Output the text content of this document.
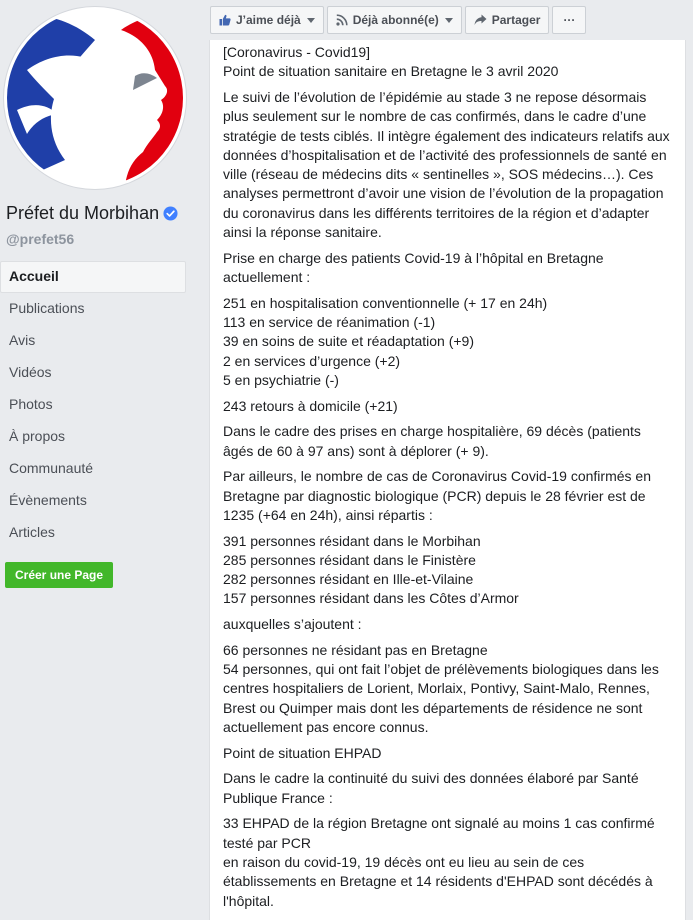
Préfet du Morbihan
@prefet56
Accueil
Publications
Avis
Vidéos
Photos
À propos
Communauté
Évènements
Articles
Créer une Page
J’aime déjà	Déjà abonné(e)	Partager	···

[Coronavirus - Covid19]
Point de situation sanitaire en Bretagne le 3 avril 2020

Le suivi de l’évolution de l’épidémie au stade 3 ne repose désormais plus seulement sur le nombre de cas confirmés, dans le cadre d’une stratégie de tests ciblés. Il intègre également des indicateurs relatifs aux données d’hospitalisation et de l’activité des professionnels de santé en ville (réseau de médecins dits « sentinelles », SOS médecins…). Ces analyses permettront d’avoir une vision de l’évolution de la propagation du coronavirus dans les différents territoires de la région et d’adapter ainsi la réponse sanitaire.

Prise en charge des patients Covid-19 à l’hôpital en Bretagne actuellement :

251 en hospitalisation conventionnelle (+ 17 en 24h)
113 en service de réanimation (-1)
39 en soins de suite et réadaptation (+9)
2 en services d’urgence (+2)
5 en psychiatrie (-)

243 retours à domicile (+21)

Dans le cadre des prises en charge hospitalière, 69 décès (patients âgés de 60 à 97 ans) sont à déplorer (+ 9).

Par ailleurs, le nombre de cas de Coronavirus Covid-19 confirmés en Bretagne par diagnostic biologique (PCR) depuis le 28 février est de 1235 (+64 en 24h), ainsi répartis :

391 personnes résidant dans le Morbihan
285 personnes résidant dans le Finistère
282 personnes résidant en Ille-et-Vilaine
157 personnes résidant dans les Côtes d’Armor

auxquelles s’ajoutent :

66 personnes ne résidant pas en Bretagne
54 personnes, qui ont fait l’objet de prélèvements biologiques dans les centres hospitaliers de Lorient, Morlaix, Pontivy, Saint-Malo, Rennes, Brest ou Quimper mais dont les départements de résidence ne sont actuellement pas encore connus.

Point de situation EHPAD

Dans le cadre la continuité du suivi des données élaboré par Santé Publique France :

33 EHPAD de la région Bretagne ont signalé au moins 1 cas confirmé testé par PCR
en raison du covid-19, 19 décès ont eu lieu au sein de ces établissements en Bretagne et 14 résidents d'EHPAD sont décédés à l'hôpital.
